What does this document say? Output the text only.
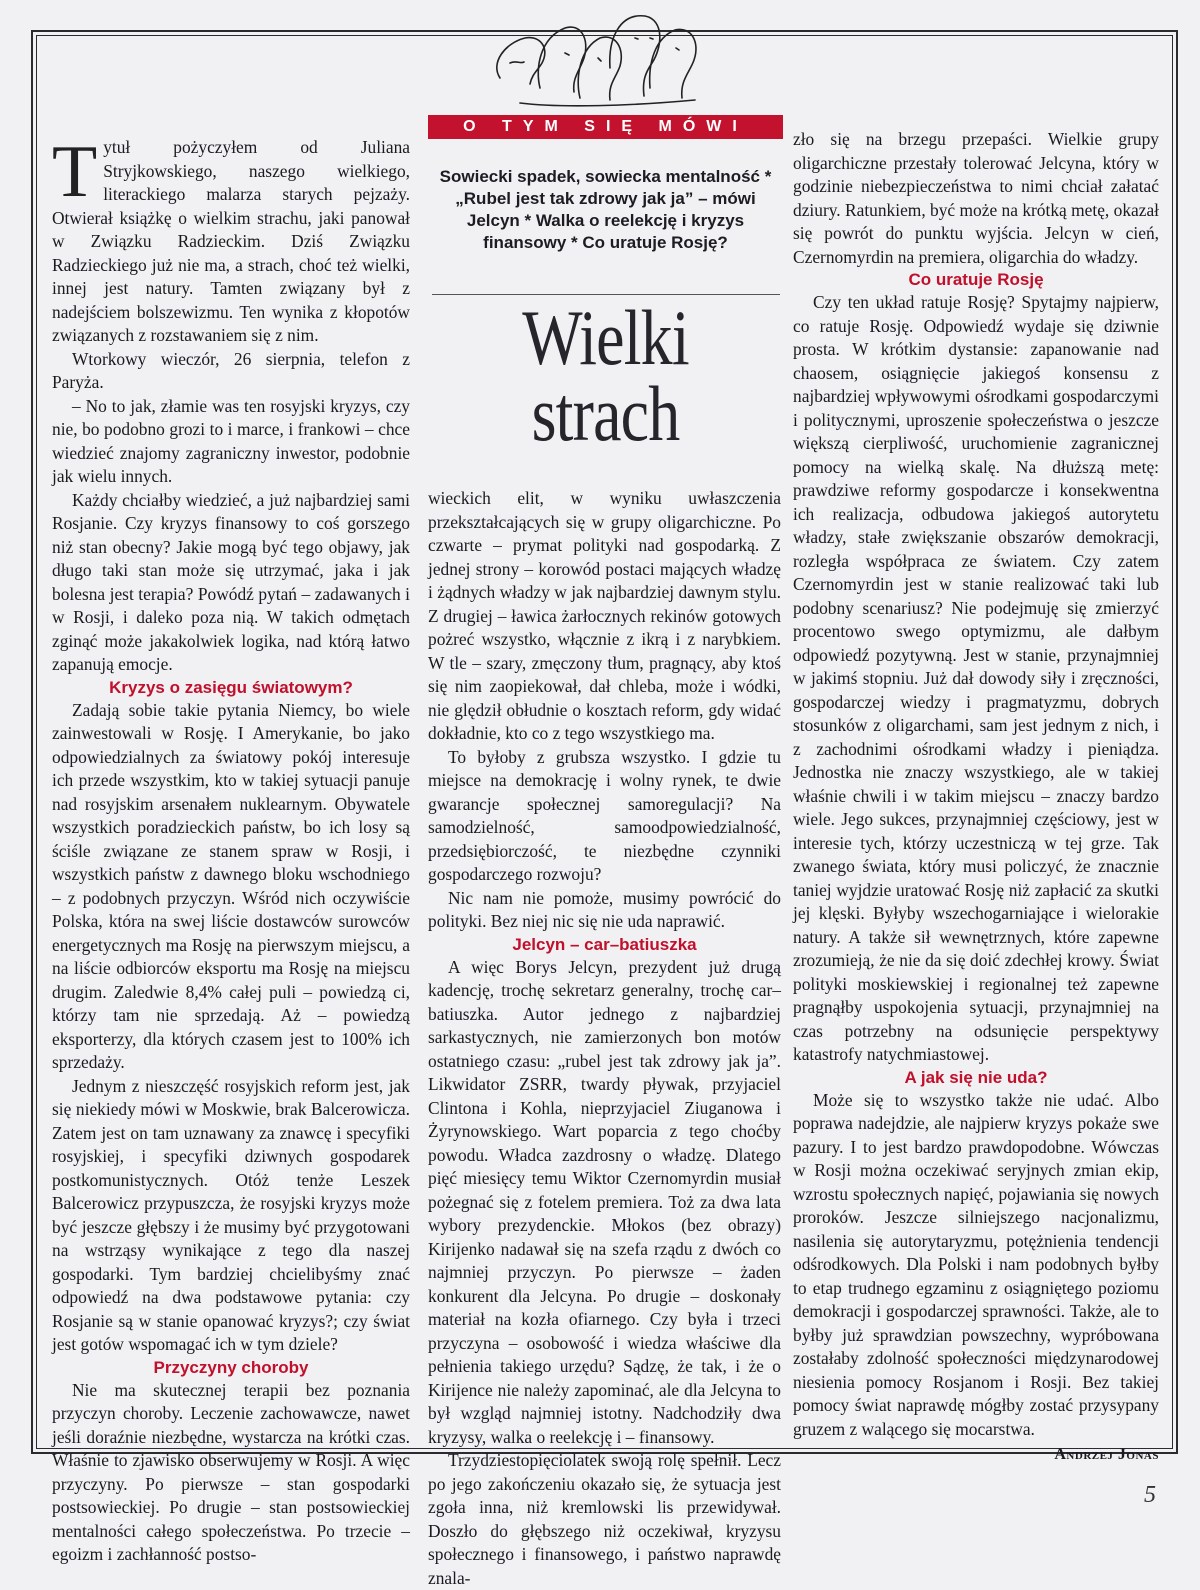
O TYM SIĘ MÓWI
Sowiecki spadek, sowiecka mentalność * „Rubel jest tak zdrowy jak ja” – mówi Jelcyn * Walka o reelekcję i kryzys finansowy * Co uratuje Rosję?
Wielki
strach
T ytuł pożyczyłem od Juliana Stryjkowskiego, naszego wielkiego, literackiego malarza starych pejzaży. Otwierał książkę o wielkim strachu, jaki panował w Związku Radzieckim. Dziś Związku Radzieckiego już nie ma, a strach, choć też wielki, innej jest natury. Tamten związany był z nadejściem bolszewizmu. Ten wynika z kłopotów związanych z rozstawaniem się z nim.

Wtorkowy wieczór, 26 sierpnia, telefon z Paryża.

– No to jak, złamie was ten rosyjski kryzys, czy nie, bo podobno grozi to i marce, i frankowi – chce wiedzieć znajomy zagraniczny inwestor, podobnie jak wielu innych.

Każdy chciałby wiedzieć, a już najbardziej sami Rosjanie. Czy kryzys finansowy to coś gorszego niż stan obecny? Jakie mogą być tego objawy, jak długo taki stan może się utrzymać, jaka i jak bolesna jest terapia? Powódź pytań – zadawanych i w Rosji, i daleko poza nią. W takich odmętach zginąć może jakakolwiek logika, nad którą łatwo zapanują emocje.

Kryzys o zasięgu światowym?

Zadają sobie takie pytania Niemcy, bo wiele zainwestowali w Rosję. I Amerykanie, bo jako odpowiedzialnych za światowy pokój interesuje ich przede wszystkim, kto w takiej sytuacji panuje nad rosyjskim arsenałem nuklearnym. Obywatele wszystkich poradzieckich państw, bo ich losy są ściśle związane ze stanem spraw w Rosji, i wszystkich państw z dawnego bloku wschodniego – z podobnych przyczyn. Wśród nich oczywiście Polska, która na swej liście dostawców surowców energetycznych ma Rosję na pierwszym miejscu, a na liście odbiorców eksportu ma Rosję na miejscu drugim. Zaledwie 8,4% całej puli – powiedzą ci, którzy tam nie sprzedają. Aż – powiedzą eksporterzy, dla których czasem jest to 100% ich sprzedaży.

Jednym z nieszczęść rosyjskich reform jest, jak się niekiedy mówi w Moskwie, brak Balcerowicza. Zatem jest on tam uznawany za znawcę i specyfiki rosyjskiej, i specyfiki dziwnych gospodarek postkomunistycznych. Otóż tenże Leszek Balcerowicz przypuszcza, że rosyjski kryzys może być jeszcze głębszy i że musimy być przygotowani na wstrząsy wynikające z tego dla naszej gospodarki. Tym bardziej chcielibyśmy znać odpowiedź na dwa podstawowe pytania: czy Rosjanie są w stanie opanować kryzys?; czy świat jest gotów wspomagać ich w tym dziele?

Przyczyny choroby

Nie ma skutecznej terapii bez poznania przyczyn choroby. Leczenie zachowawcze, nawet jeśli doraźnie niezbędne, wystarcza na krótki czas. Właśnie to zjawisko obserwujemy w Rosji. A więc przyczyny. Po pierwsze – stan gospodarki postsowieckiej. Po drugie – stan postsowieckiej mentalności całego społeczeństwa. Po trzecie – egoizm i zachłanność postso-

wieckich elit, w wyniku uwłaszczenia przekształcających się w grupy oligarchiczne. Po czwarte – prymat polityki nad gospodarką. Z jednej strony – korowód postaci mających władzę i żądnych władzy w jak najbardziej dawnym stylu. Z drugiej – ławica żarłocznych rekinów gotowych pożreć wszystko, włącznie z ikrą i z narybkiem. W tle – szary, zmęczony tłum, pragnący, aby ktoś się nim zaopiekował, dał chleba, może i wódki, nie ględził obłudnie o kosztach reform, gdy widać dokładnie, kto co z tego wszystkiego ma.

To byłoby z grubsza wszystko. I gdzie tu miejsce na demokrację i wolny rynek, te dwie gwarancje społecznej samoregulacji? Na samodzielność, samoodpowiedzialność, przedsiębiorczość, te niezbędne czynniki gospodarczego rozwoju?

Nic nam nie pomoże, musimy powrócić do polityki. Bez niej nic się nie uda naprawić.

Jelcyn – car–batiuszka

A więc Borys Jelcyn, prezydent już drugą kadencję, trochę sekretarz generalny, trochę car–batiuszka. Autor jednego z najbardziej sarkastycznych, nie zamierzonych bon motów ostatniego czasu: „rubel jest tak zdrowy jak ja”. Likwidator ZSRR, twardy pływak, przyjaciel Clintona i Kohla, nieprzyjaciel Ziuganowa i Żyrynowskiego. Wart poparcia z tego choćby powodu. Władca zazdrosny o władzę. Dlatego pięć miesięcy temu Wiktor Czernomyrdin musiał pożegnać się z fotelem premiera. Toż za dwa lata wybory prezydenckie. Młokos (bez obrazy) Kirijenko nadawał się na szefa rządu z dwóch co najmniej przyczyn. Po pierwsze – żaden konkurent dla Jelcyna. Po drugie – doskonały materiał na kozła ofiarnego. Czy była i trzeci przyczyna – osobowość i wiedza właściwe dla pełnienia takiego urzędu? Sądzę, że tak, i że o Kirijence nie należy zapominać, ale dla Jelcyna to był wzgląd najmniej istotny. Nadchodziły dwa kryzysy, walka o reelekcję i – finansowy.

Trzydziestopięciolatek swoją rolę spełnił. Lecz po jego zakończeniu okazało się, że sytuacja jest zgoła inna, niż kremlowski lis przewidywał. Doszło do głębszego niż oczekiwał, kryzysu społecznego i finansowego, i państwo naprawdę znala-

zło się na brzegu przepaści. Wielkie grupy oligarchiczne przestały tolerować Jelcyna, który w godzinie niebezpieczeństwa to nimi chciał załatać dziury. Ratunkiem, być może na krótką metę, okazał się powrót do punktu wyjścia. Jelcyn w cień, Czernomyrdin na premiera, oligarchia do władzy.

Co uratuje Rosję

Czy ten układ ratuje Rosję? Spytajmy najpierw, co ratuje Rosję. Odpowiedź wydaje się dziwnie prosta. W krótkim dystansie: zapanowanie nad chaosem, osiągnięcie jakiegoś konsensu z najbardziej wpływowymi ośrodkami gospodarczymi i politycznymi, uproszenie społeczeństwa o jeszcze większą cierpliwość, uruchomienie zagranicznej pomocy na wielką skalę. Na dłuższą metę: prawdziwe reformy gospodarcze i konsekwentna ich realizacja, odbudowa jakiegoś autorytetu władzy, stałe zwiększanie obszarów demokracji, rozległa współpraca ze światem. Czy zatem Czernomyrdin jest w stanie realizować taki lub podobny scenariusz? Nie podejmuję się zmierzyć procentowo swego optymizmu, ale dałbym odpowiedź pozytywną. Jest w stanie, przynajmniej w jakimś stopniu. Już dał dowody siły i zręczności, gospodarczej wiedzy i pragmatyzmu, dobrych stosunków z oligarchami, sam jest jednym z nich, i z zachodnimi ośrodkami władzy i pieniądza. Jednostka nie znaczy wszystkiego, ale w takiej właśnie chwili i w takim miejscu – znaczy bardzo wiele. Jego sukces, przynajmniej częściowy, jest w interesie tych, którzy uczestniczą w tej grze. Tak zwanego świata, który musi policzyć, że znacznie taniej wyjdzie uratować Rosję niż zapłacić za skutki jej klęski. Byłyby wszechogarniające i wielorakie natury. A także sił wewnętrznych, które zapewne zrozumieją, że nie da się doić zdechłej krowy. Świat polityki moskiewskiej i regionalnej też zapewne pragnąłby uspokojenia sytuacji, przynajmniej na czas potrzebny na odsunięcie perspektywy katastrofy natychmiastowej.

A jak się nie uda?

Może się to wszystko także nie udać. Albo poprawa nadejdzie, ale najpierw kryzys pokaże swe pazury. I to jest bardzo prawdopodobne. Wówczas w Rosji można oczekiwać seryjnych zmian ekip, wzrostu społecznych napięć, pojawiania się nowych proroków. Jeszcze silniejszego nacjonalizmu, nasilenia się autorytaryzmu, potężnienia tendencji odśrodkowych. Dla Polski i nam podobnych byłby to etap trudnego egzaminu z osiągniętego poziomu demokracji i gospodarczej sprawności. Także, ale to byłby już sprawdzian powszechny, wypróbowana zostałaby zdolność społeczności międzynarodowej niesienia pomocy Rosjanom i Rosji. Bez takiej pomocy świat naprawdę mógłby zostać przysypany gruzem z walącego się mocarstwa.

Andrzej Jonas
5
